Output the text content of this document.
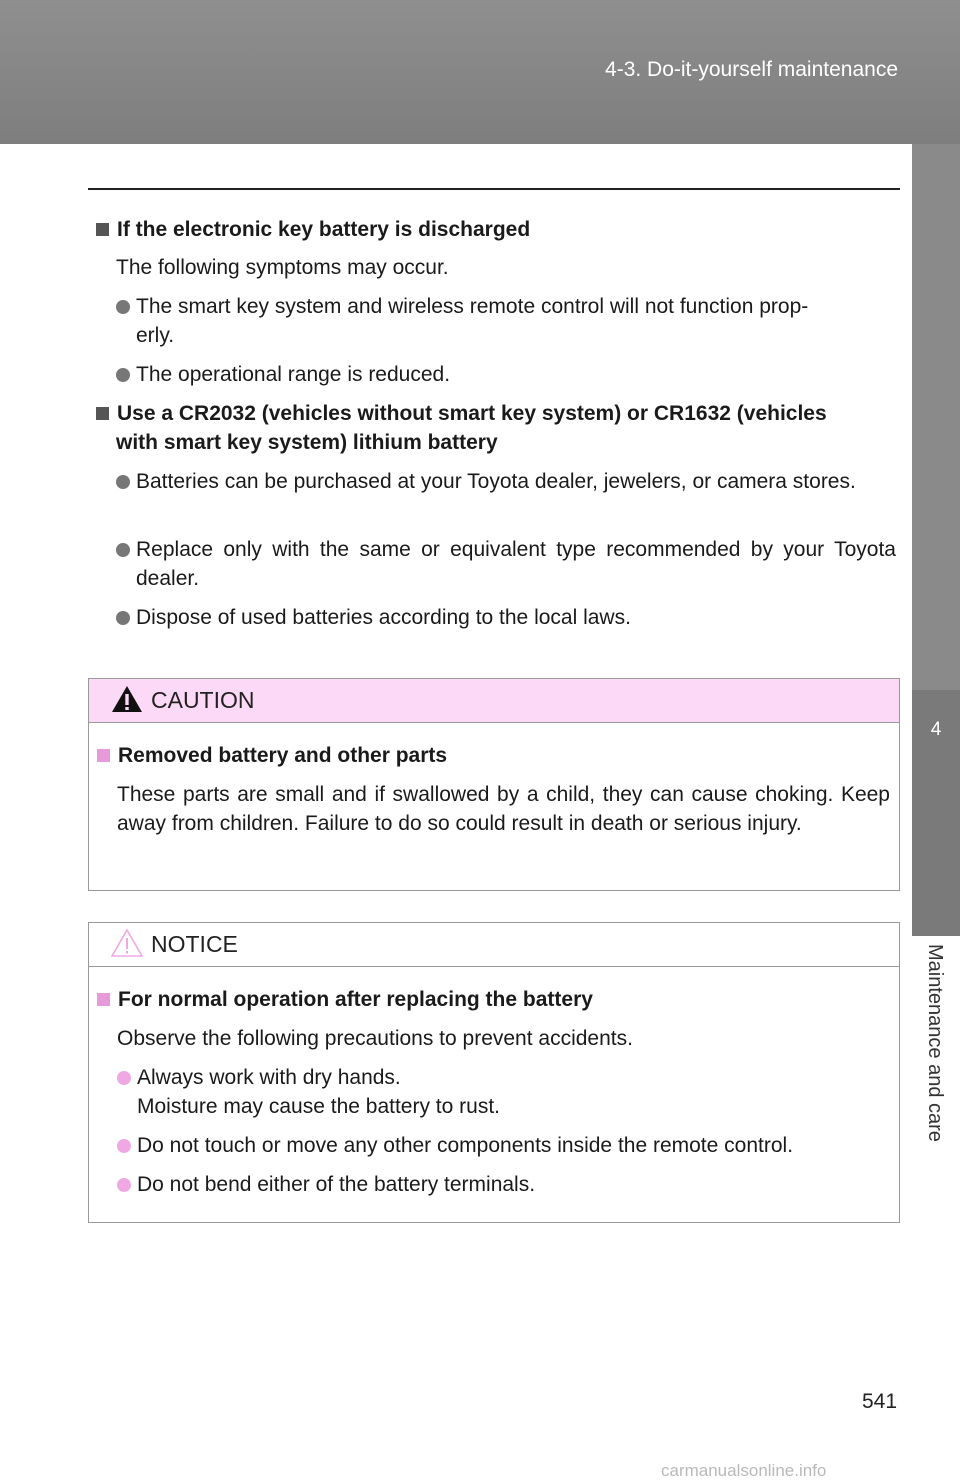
4-3. Do-it-yourself maintenance
4
Maintenance and care
If the electronic key battery is discharged
The following symptoms may occur.
The smart key system and wireless remote control will not function prop-
erly.
The operational range is reduced.
Use a CR2032 (vehicles without smart key system) or CR1632 (vehicles
with smart key system) lithium battery
Batteries can be purchased at your Toyota dealer, jewelers, or camera stores.
Replace only with the same or equivalent type recommended by your Toyota dealer.
Dispose of used batteries according to the local laws.
CAUTION
Removed battery and other parts
These parts are small and if swallowed by a child, they can cause choking. Keep away from children. Failure to do so could result in death or serious injury.
NOTICE
For normal operation after replacing the battery
Observe the following precautions to prevent accidents.
Always work with dry hands.
Moisture may cause the battery to rust.
Do not touch or move any other components inside the remote control.
Do not bend either of the battery terminals.
541
carmanualsonline.info
